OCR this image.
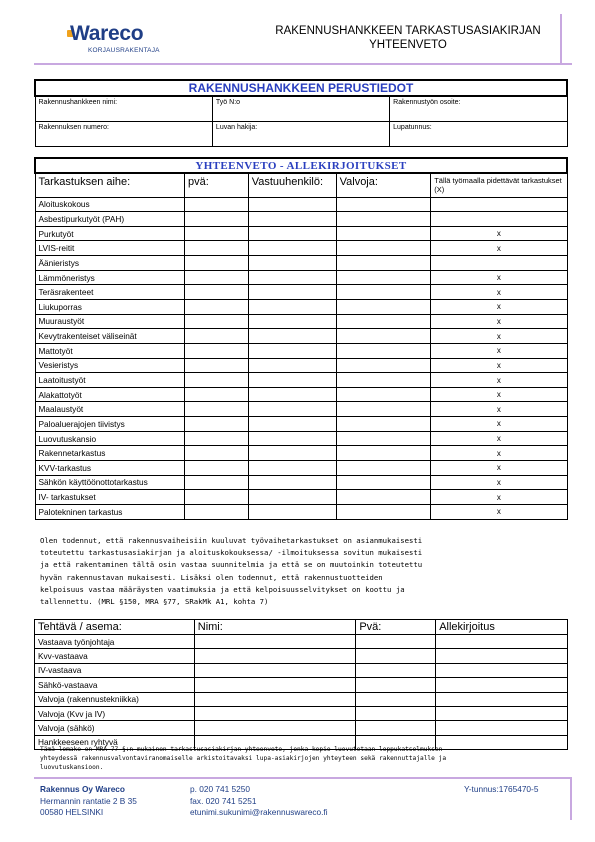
Wareco
KORJAUSRAKENTAJA
RAKENNUSHANKKEEN TARKASTUSASIAKIRJAN
YHTEENVETO
RAKENNUSHANKKEEN PERUSTIEDOT		
Rakennushankkeen nimi:	Työ N:o	Rakennustyön osoite:
Rakennuksen numero:	Luvan hakija:	Lupatunnus:
YHTEENVETO - ALLEKIRJOITUKSET				
Tarkastuksen aihe:	pvä:	Vastuuhenkilö:	Valvoja:	Tällä työmaalla pidettävät tarkastukset (X)
Aloituskokous				
Asbestipurkutyöt (PAH)				
Purkutyöt				x
LVIS-reitit				x
Äänieristys				
Lämmöneristys				x
Teräsrakenteet				x
Liukuporras				x
Muuraustyöt				x
Kevytrakenteiset väliseinät				x
Mattotyöt				x
Vesieristys				x
Laatoitustyöt				x
Alakattotyöt				x
Maalaustyöt				x
Paloaluerajojen tiivistys				x
Luovutuskansio				x
Rakennetarkastus				x
KVV-tarkastus				x
Sähkön käyttöönottotarkastus				x
IV- tarkastukset				x
Palotekninen tarkastus				x
Olen todennut, että rakennusvaiheisiin kuuluvat työvaihetarkastukset on asianmukaisesti
toteutettu tarkastusasiakirjan ja aloituskokouksessa/ -ilmoituksessa sovitun mukaisesti
ja että rakentaminen tältä osin vastaa suunnitelmia ja että se on muutoinkin toteutettu
hyvän rakennustavan mukaisesti. Lisäksi olen todennut, että rakennustuotteiden
kelpoisuus vastaa määräysten vaatimuksia ja että kelpoisuusselvitykset on koottu ja
tallennettu. (MRL §150, MRA §77, SRakMk A1, kohta 7)
Tehtävä / asema:	Nimi:	Pvä:	Allekirjoitus
Vastaava työnjohtaja			
Kvv-vastaava			
IV-vastaava			
Sähkö-vastaava			
Valvoja (rakennustekniikka)			
Valvoja (Kvv ja IV)			
Valvoja (sähkö)			
Hankkeeseen ryhtyvä			
Tämä lomake on MRA 77 §:n mukainen tarkastusasiakirjan yhteenveto, jonka kopio luovutetaan loppukatselmuksen
yhteydessä rakennusvalvontaviranomaiselle arkistoitavaksi lupa-asiakirjojen yhteyteen sekä rakennuttajalle ja
luovutuskansioon.
Rakennus Oy Wareco
Hermannin rantatie 2 B 35
00580 HELSINKI
p. 020 741 5250
fax. 020 741 5251
etunimi.sukunimi@rakennuswareco.fi
Y-tunnus:1765470-5
